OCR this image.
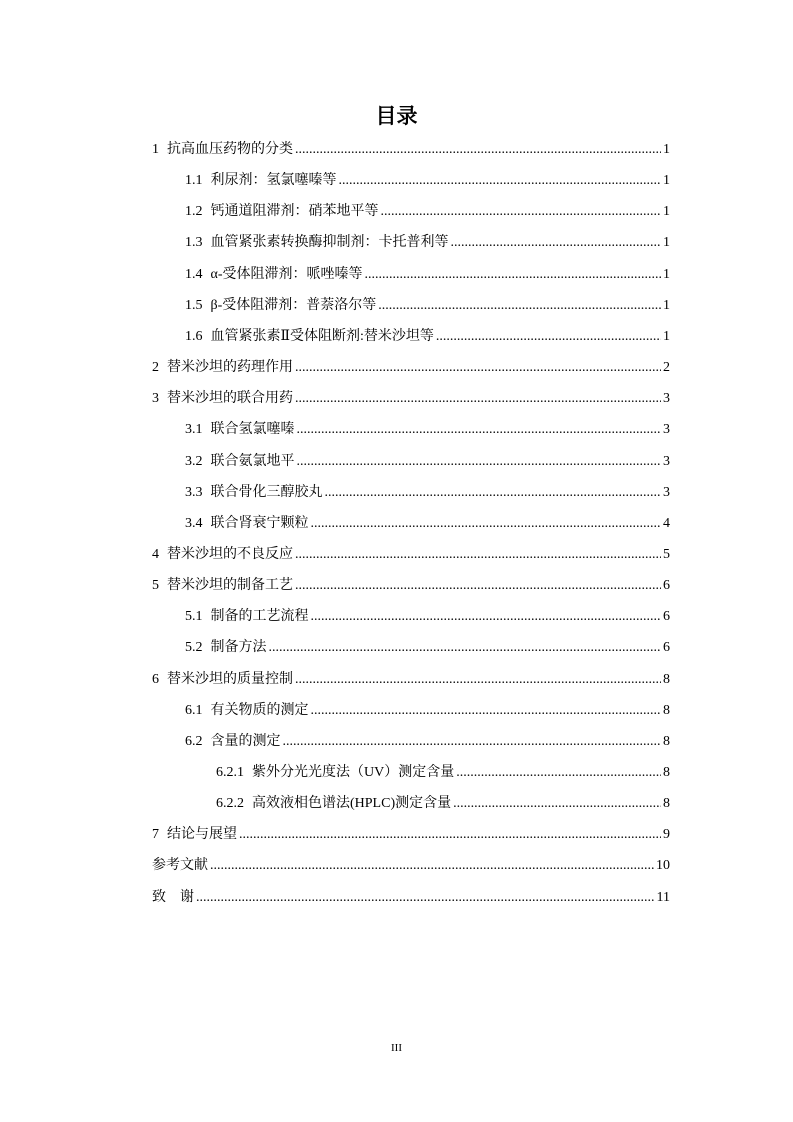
目录
1 抗高血压药物的分类 .....	1
1.1 利尿剂：氢氯噻嗪等 .....	1
1.2 钙通道阻滞剂：硝苯地平等 .....	1
1.3 血管紧张素转换酶抑制剂：卡托普利等 .....	1
1.4 α-受体阻滞剂：哌唑嗪等 .....	1
1.5 β-受体阻滞剂：普萘洛尔等 .....	1
1.6 血管紧张素Ⅱ受体阻断剂:替米沙坦等 .....	1
2 替米沙坦的药理作用 .....	2
3 替米沙坦的联合用药 .....	3
3.1 联合氢氯噻嗪 .....	3
3.2 联合氨氯地平 .....	3
3.3 联合骨化三醇胶丸 .....	3
3.4 联合肾衰宁颗粒 .....	4
4 替米沙坦的不良反应 .....	5
5 替米沙坦的制备工艺 .....	6
5.1 制备的工艺流程 .....	6
5.2 制备方法 .....	6
6 替米沙坦的质量控制 .....	8
6.1 有关物质的测定 .....	8
6.2 含量的测定 .....	8
6.2.1 紫外分光光度法（UV）测定含量 .....	8
6.2.2 高效液相色谱法(HPLC)测定含量 .....	8
7 结论与展望 .....	9
参考文献 .....	10
致　谢 .....	11
III
